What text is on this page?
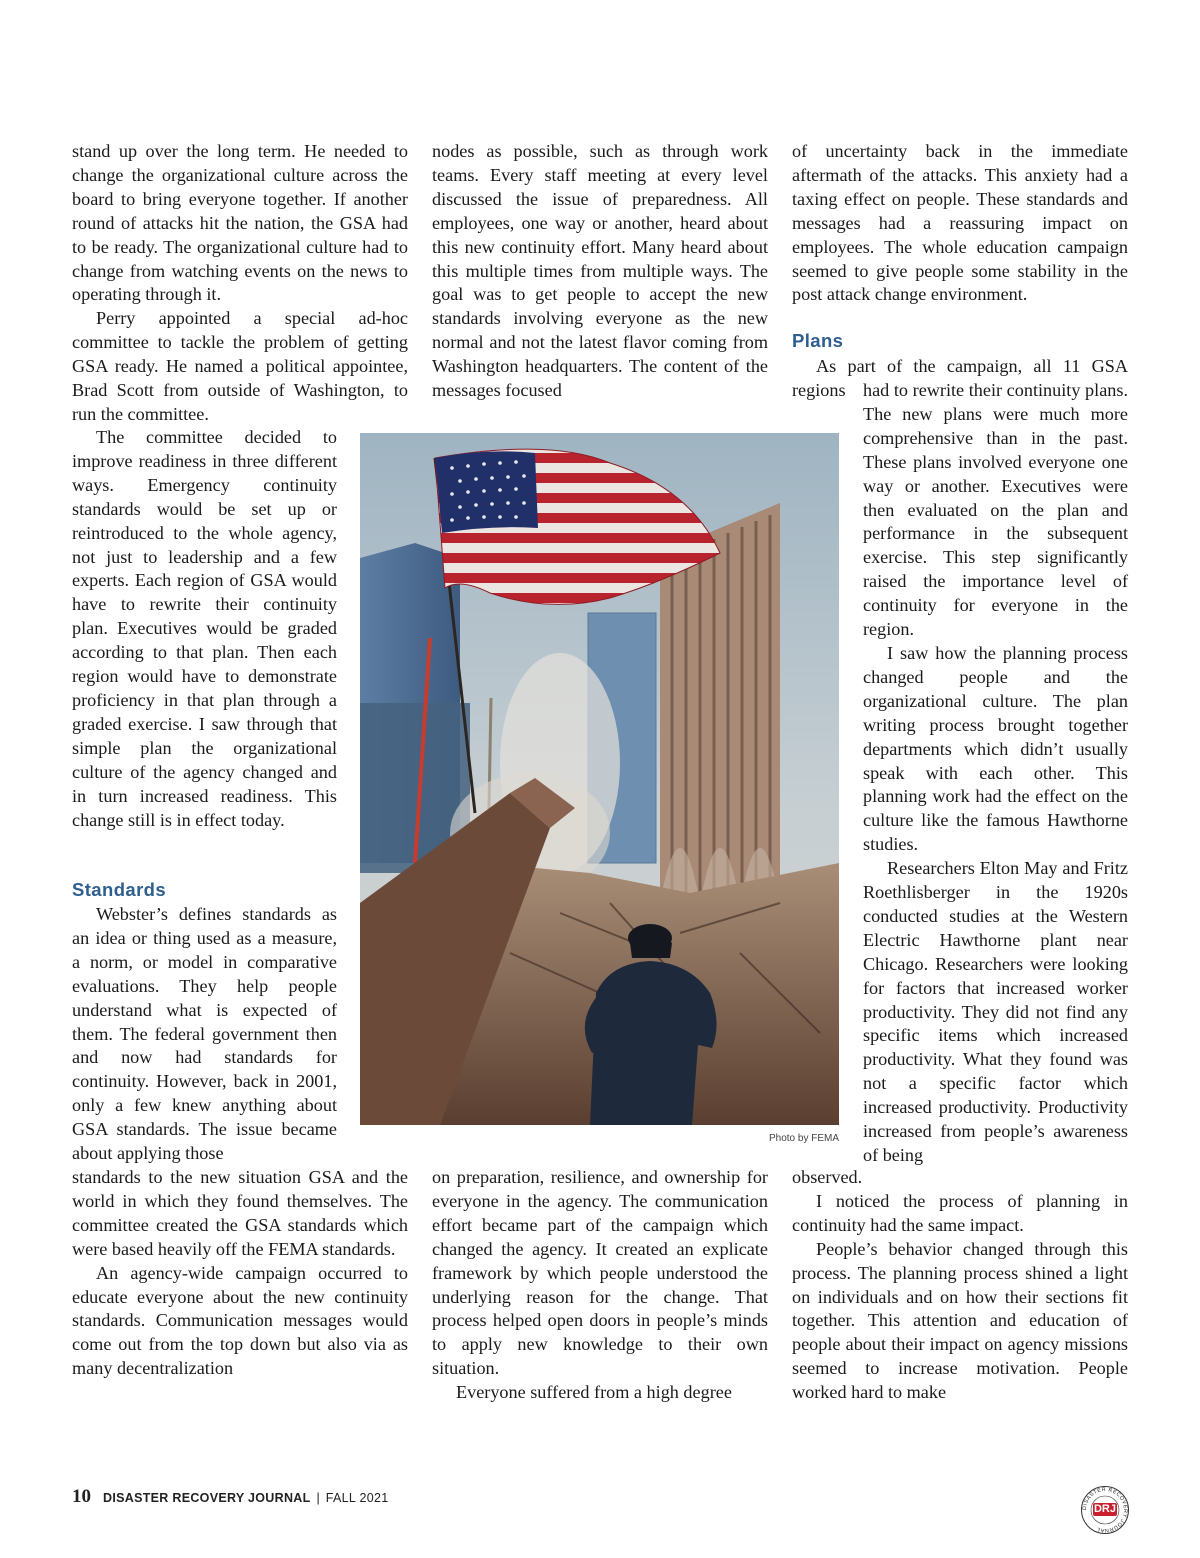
stand up over the long term. He needed to change the organizational culture across the board to bring everyone together. If another round of attacks hit the nation, the GSA had to be ready. The organizational culture had to change from watching events on the news to operating through it.

Perry appointed a special ad-hoc committee to tackle the problem of getting GSA ready. He named a political appointee, Brad Scott from outside of Washington, to run the committee.

The committee decided to improve readiness in three different ways. Emergency continuity standards would be set up or reintroduced to the whole agency, not just to leadership and a few experts. Each region of GSA would have to rewrite their continuity plan. Executives would be graded according to that plan. Then each region would have to demonstrate proficiency in that plan through a graded exercise. I saw through that simple plan the organizational culture of the agency changed and in turn increased readiness. This change still is in effect today.

Standards

Webster’s defines standards as an idea or thing used as a measure, a norm, or model in comparative evaluations. They help people understand what is expected of them. The federal government then and now had standards for continuity. However, back in 2001, only a few knew anything about GSA standards. The issue became about applying those

standards to the new situation GSA and the world in which they found themselves. The committee created the GSA standards which were based heavily off the FEMA standards.

An agency-wide campaign occurred to educate everyone about the new continuity standards. Communication messages would come out from the top down but also via as many decentralization

nodes as possible, such as through work teams. Every staff meeting at every level discussed the issue of preparedness. All employees, one way or another, heard about this new continuity effort. Many heard about this multiple times from multiple ways. The goal was to get people to accept the new standards involving everyone as the new normal and not the latest flavor coming from Washington headquarters. The content of the messages focused

on preparation, resilience, and ownership for everyone in the agency. The communication effort became part of the campaign which changed the agency. It created an explicate framework by which people understood the underlying reason for the change. That process helped open doors in people’s minds to apply new knowledge to their own situation.

Everyone suffered from a high degree

of uncertainty back in the immediate aftermath of the attacks. This anxiety had a taxing effect on people. These standards and messages had a reassuring impact on employees. The whole education campaign seemed to give people some stability in the post attack change environment.

Plans

As part of the campaign, all 11 GSA regions had to rewrite their continuity plans. The new plans were much more comprehensive than in the past. These plans involved everyone one way or another. Executives were then evaluated on the plan and performance in the subsequent exercise. This step significantly raised the importance level of continuity for everyone in the region.

I saw how the planning process changed people and the organizational culture. The plan writing process brought together departments which didn’t usually speak with each other. This planning work had the effect on the culture like the famous Hawthorne studies.

Researchers Elton May and Fritz Roethlisberger in the 1920s conducted studies at the Western Electric Hawthorne plant near Chicago. Researchers were looking for factors that increased worker productivity. They did not find any specific items which increased productivity. What they found was not a specific factor which increased productivity. Productivity increased from people’s awareness of being

observed.

I noticed the process of planning in continuity had the same impact.

People’s behavior changed through this process. The planning process shined a light on individuals and on how their sections fit together. This attention and education of people about their impact on agency missions seemed to increase motivation. People worked hard to make

Photo by FEMA
10 DISASTER RECOVERY JOURNAL | FALL 2021
DISASTER RECOVERY JOURNAL
DRJ
